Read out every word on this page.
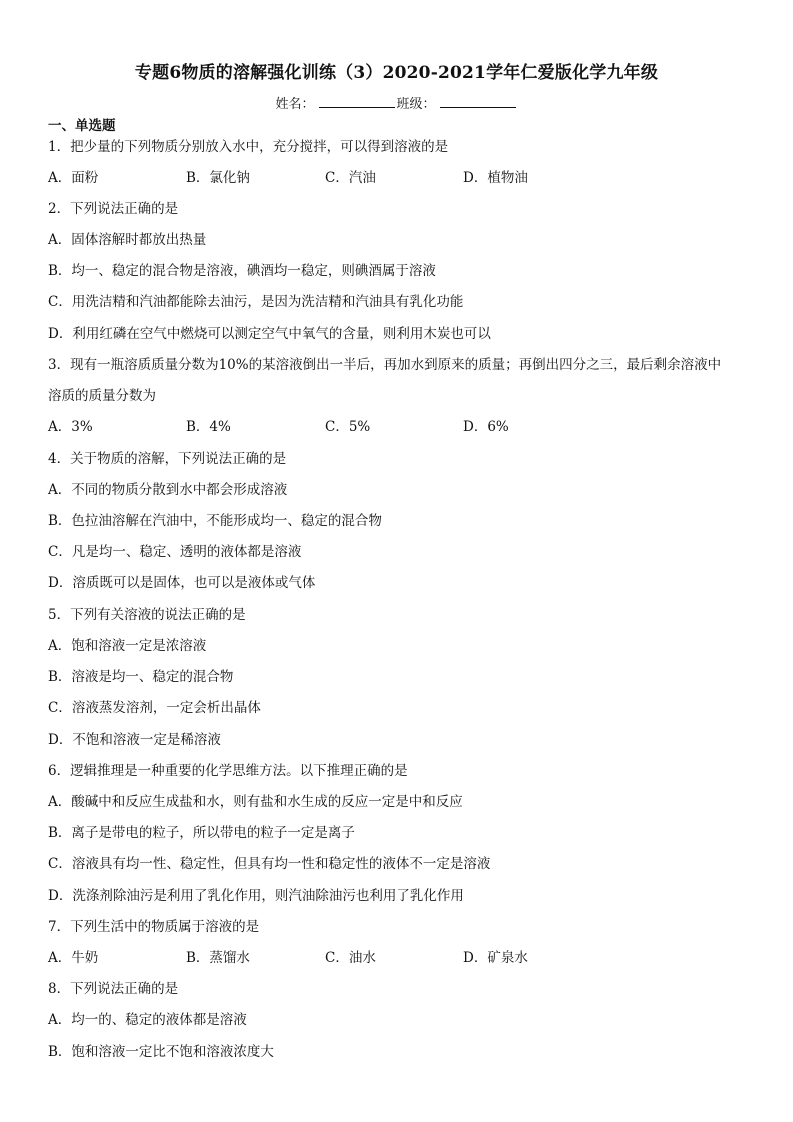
专题6物质的溶解强化训练（3）2020-2021学年仁爱版化学九年级
姓名：	班级：
一、单选题
1．把少量的下列物质分别放入水中，充分搅拌，可以得到溶液的是
A．面粉	B．氯化钠	C．汽油	D．植物油
2．下列说法正确的是
A．固体溶解时都放出热量
B．均一、稳定的混合物是溶液，碘酒均一稳定，则碘酒属于溶液
C．用洗洁精和汽油都能除去油污，是因为洗洁精和汽油具有乳化功能
D．利用红磷在空气中燃烧可以测定空气中氧气的含量，则利用木炭也可以
3．现有一瓶溶质质量分数为10%的某溶液倒出一半后，再加水到原来的质量；再倒出四分之三，最后剩余溶液中
溶质的质量分数为
A．3%	B．4%	C．5%	D．6%
4．关于物质的溶解，下列说法正确的是
A．不同的物质分散到水中都会形成溶液
B．色拉油溶解在汽油中，不能形成均一、稳定的混合物
C．凡是均一、稳定、透明的液体都是溶液
D．溶质既可以是固体，也可以是液体或气体
5．下列有关溶液的说法正确的是
A．饱和溶液一定是浓溶液
B．溶液是均一、稳定的混合物
C．溶液蒸发溶剂，一定会析出晶体
D．不饱和溶液一定是稀溶液
6．逻辑推理是一种重要的化学思维方法。以下推理正确的是
A．酸碱中和反应生成盐和水，则有盐和水生成的反应一定是中和反应
B．离子是带电的粒子，所以带电的粒子一定是离子
C．溶液具有均一性、稳定性，但具有均一性和稳定性的液体不一定是溶液
D．洗涤剂除油污是利用了乳化作用，则汽油除油污也利用了乳化作用
7．下列生活中的物质属于溶液的是
A．牛奶	B．蒸馏水	C．油水	D．矿泉水
8．下列说法正确的是
A．均一的、稳定的液体都是溶液
B．饱和溶液一定比不饱和溶液浓度大
